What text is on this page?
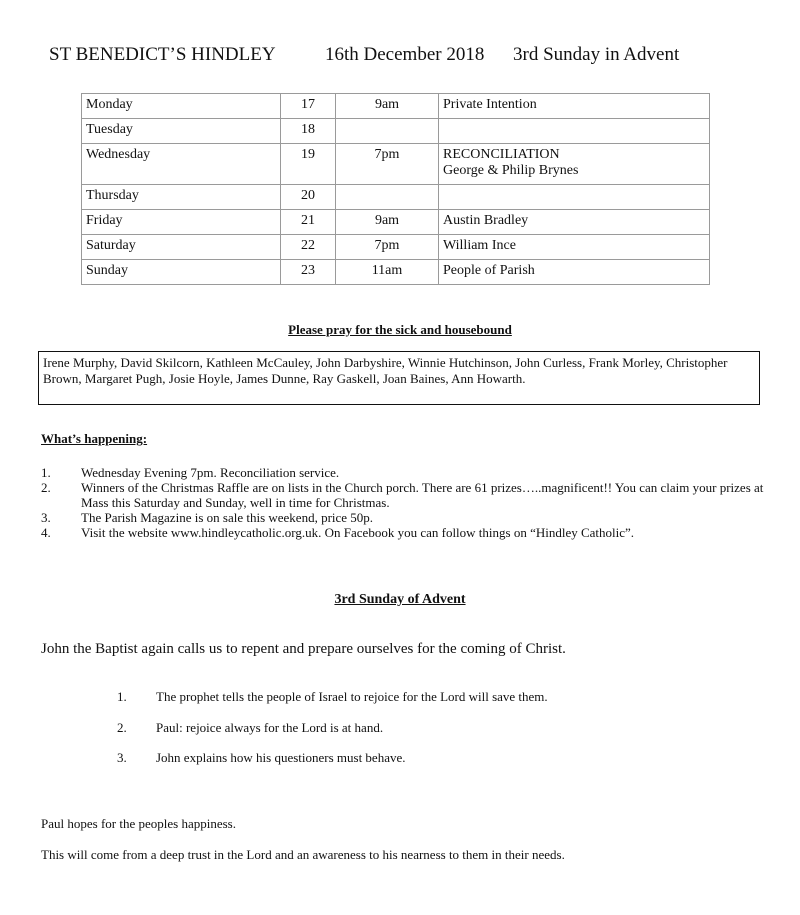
ST BENEDICT’S HINDLEY	16th December 2018 3rd Sunday in Advent
Monday	17	9am	Private Intention

Tuesday	18		
Wednesday	19	7pm	RECONCILIATION
George & Philip Brynes

Thursday	20		
Friday	21	9am	Austin Bradley

Saturday	22	7pm	William Ince

Sunday	23	11am	People of Parish
Please pray for the sick and housebound
Irene Murphy, David Skilcorn, Kathleen McCauley, John Darbyshire, Winnie Hutchinson, John Curless, Frank Morley, Christopher Brown, Margaret Pugh, Josie Hoyle, James Dunne, Ray Gaskell, Joan Baines, Ann Howarth.
What’s happening:
1. Wednesday Evening 7pm. Reconciliation service.
2. Winners of the Christmas Raffle are on lists in the Church porch. There are 61 prizes…..magnificent!! You can claim your prizes at Mass this Saturday and Sunday, well in time for Christmas.
3. The Parish Magazine is on sale this weekend, price 50p.
4. Visit the website www.hindleycatholic.org.uk. On Facebook you can follow things on “Hindley Catholic”.
3rd Sunday of Advent
John the Baptist again calls us to repent and prepare ourselves for the coming of Christ.
1. The prophet tells the people of Israel to rejoice for the Lord will save them.
2. Paul: rejoice always for the Lord is at hand.
3. John explains how his questioners must behave.
Paul hopes for the peoples happiness.
This will come from a deep trust in the Lord and an awareness to his nearness to them in their needs.
